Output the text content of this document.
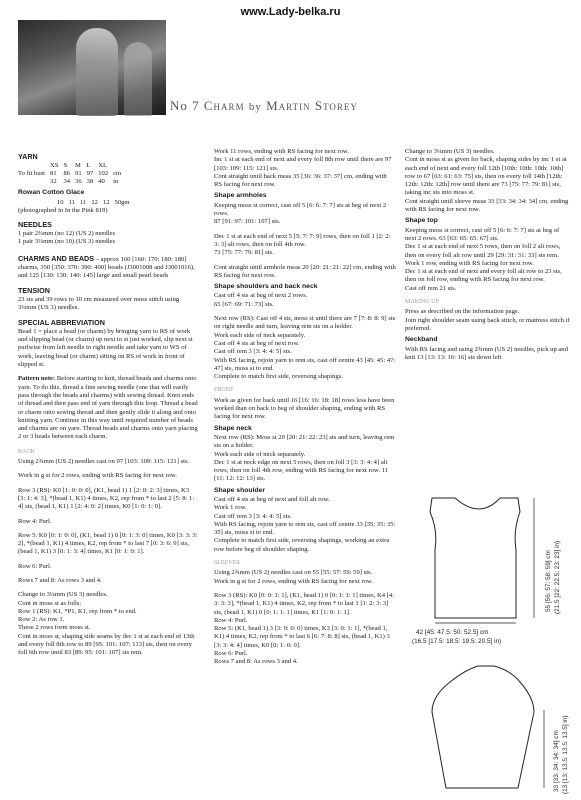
www.Lady-belka.ru
No 7 Charm by Martin Storey
YARN
	XS	S	M	L	XL	
To fit bust	81	86	91	97	102	cm
	32	34	36	38	40	in
Rowan Cotton Glace
	10	11	11	12	12	50gm

(photographed in In the Pink 819)

NEEDLES
1 pair 2¾mm (no 12) (US 2) needles

1 pair 3¼mm (no 10) (US 3) needles

CHARMS AND BEADS – approx 160 [160: 170: 180: 180] charms, 350 [350: 370: 390: 400] beads (J3001008 and J3001016), and 125 [130: 130: 140: 145] large and small pearl beads

TENSION

23 sts and 39 rows to 10 cm measured over moss stitch using 3¼mm (US 3) needles.

SPECIAL ABBREVIATION

Bead 1 = place a bead (or charm) by bringing yarn to RS of work and slipping bead (or charm) up next to st just worked, slip next st purlwise from left needle to right needle and take yarn to WS of work, leaving bead (or charm) sitting on RS of work in front of slipped st.

Pattern note: Before starting to knit, thread beads and charms onto yarn. To do this, thread a fine sewing needle (one that will easily pass through the beads and charms) with sewing thread. Knot ends of thread and then pass end of yarn through this loop. Thread a bead or charm onto sewing thread and then gently slide it along and onto knitting yarn. Continue in this way until required number of beads and charms are on yarn. Thread beads and charms onto yarn placing 2 or 3 beads between each charm.

BACK

Using 2¾mm (US 2) needles cast on 97 [103: 109: 115: 121] sts.

Work in g st for 2 rows, ending with RS facing for next row.

Row 3 (RS): K0 [1: 0: 0: 0], (K1, bead 1) 1 [2: 0: 2: 3] times, K3 [3: 1: 4: 3], *(bead 1, K1) 4 times, K2, rep from * to last 2 [5: 8: 1: 4] sts, (bead 1, K1) 1 [2: 4: 0: 2] times, K0 [1: 0: 1: 0].

Row 4: Purl.

Row 5: K0 [0: 1: 0: 0], (K1, bead 1) 0 [0: 1: 3: 0] times, K0 [3: 3: 3: 2], *(bead 1, K1) 4 times, K2, rep from * to last 7 [0: 3: 6: 9] sts, (bead 1, K1) 3 [0: 1: 3: 4] times, K1 [0: 1: 0: 1].

Row 6: Purl.

Rows 7 and 8: As rows 3 and 4.

Change to 3¼mm (US 3) needles.
Cont in moss st as folls:
Row 1 (RS): K1, *P1, K1, rep from * to end.
Row 2: As row 1.
These 2 rows form moss st.
Cont in moss st, shaping side seams by dec 1 st at each end of 13th and every foll 8th row to 89 [95: 101: 107: 113] sts, then on every foll 6th row until 83 [89: 95: 101: 107] sts rem.
Work 11 rows, ending with RS facing for next row.
Inc 1 st at each end of next and every foll 8th row until there are 97 [103: 109: 115: 121] sts.
Cont straight until back meas 35 [36: 36: 37: 37] cm, ending with RS facing for next row.
Shape armholes
Keeping moss st correct, cast off 5 [6: 6: 7: 7] sts at beg of next 2 rows.

87 [91: 97: 101: 107] sts.

Dec 1 st at each end of next 5 [5: 7: 7: 9] rows, then on foll 1 [2: 2: 3: 3] alt rows, then on foll 4th row.

73 [75: 77: 79: 81] sts.

Cont straight until armhole meas 20 [20: 21: 21: 22] cm, ending with RS facing for next row.
Shape shoulders and back neck
Cast off 4 sts at beg of next 2 rows.

65 [67: 69: 71: 73] sts.

Next row (RS): Cast off 4 sts, moss st until there are 7 [7: 8: 8: 9] sts on right needle and turn, leaving rem sts on a holder.
Work each side of neck separately.
Cast off 4 sts at beg of next row.
Cast off rem 3 [3: 4: 4: 5] sts.
With RS facing, rejoin yarn to rem sts, cast off centre 43 [45: 45: 47: 47] sts, moss st to end.
Complete to match first side, reversing shapings.
FRONT
Work as given for back until 16 [16: 16: 18: 18] rows less have been worked than on back to beg of shoulder shaping, ending with RS facing for next row.
Shape neck
Next row (RS): Moss st 20 [20: 21: 22: 23] sts and turn, leaving rem sts on a holder.
Work each side of neck separately.
Dec 1 st at neck edge on next 5 rows, then on foll 3 [3: 3: 4: 4] alt rows, then on foll 4th row, ending with RS facing for next row. 11 [11: 12: 12: 13] sts.
Shape shoulder
Cast off 4 sts at beg of next and foll alt row.
Work 1 row.
Cast off rem 3 [3: 4: 4: 5] sts.
With RS facing, rejoin yarn to rem sts, cast off centre 33 [35: 35: 35: 35] sts, moss st to end.
Complete to match first side, reversing shapings, working an extra row before beg of shoulder shaping.
SLEEVES
Using 2¾mm (US 2) needles cast on 55 [55: 57: 59: 59] sts.

Work in g st for 2 rows, ending with RS facing for next row.

Row 3 (RS): K0 [0: 0: 1: 1], (K1, bead 1) 0 [0: 1: 1: 1] times, K4 [4: 3: 3: 3], *(bead 1, K1) 4 times, K2, rep from * to last 1 [1: 2: 3: 3] sts, (bead 1, K1) 0 [0: 1: 1: 1] times, K1 [1: 0: 1: 1].
Row 4: Purl.
Row 5: (K1, bead 1) 3 [3: 0: 0: 0] times, K3 [3: 0: 1: 1], *(bead 1, K1) 4 times, K2, rep from * to last 6 [6: 7: 8: 8] sts, (bead 1, K1) 3 [3: 3: 4: 4] times, K0 [0: 1: 0: 0].
Row 6: Purl.
Rows 7 and 8: As rows 3 and 4.
Change to 3¼mm (US 3) needles.
Cont in moss st as given for back, shaping sides by inc 1 st at each end of next and every foll 12th [10th: 10th: 10th: 10th] row to 67 [63: 61: 63: 75] sts, then on every foll 14th [12th: 12th: 12th: 12th] row until there are 73 [75: 77: 79: 81] sts, taking inc sts into moss st.
Cont straight until sleeve meas 33 [33: 34: 34: 34] cm, ending with RS facing for next row.
Shape top
Keeping moss st correct, cast off 5 [6: 6: 7: 7] sts at beg of next 2 rows. 63 [63: 65: 65: 67] sts.
Dec 1 st at each end of next 5 rows, then on foll 2 alt rows, then on every foll alt row until 29 [29: 31: 31: 33] sts rem.
Work 1 row, ending with RS facing for next row.
Dec 1 st at each end of next and every foll alt row to 23 sts, then on foll row, ending with RS facing for next row.
Cast off rem 21 sts.
MAKING UP
Press as described on the information page.
Join right shoulder seam using back stitch, or mattress stitch if preferred.
Neckband
With RS facing and using 2¾mm (US 2) needles, pick up and knit 13 [13: 13: 16: 16] sts down left
42 [45: 47.5: 50: 52.5] cm
(16.5 [17.5: 18.5: 19.5: 20.5] in)
55 [56: 57: 58: 59] cm (21.5 [22: 22.5: 23: 23] in)
33 [33: 34: 34: 34] cm (13 [13: 13.5: 13.5: 13.5] in)
